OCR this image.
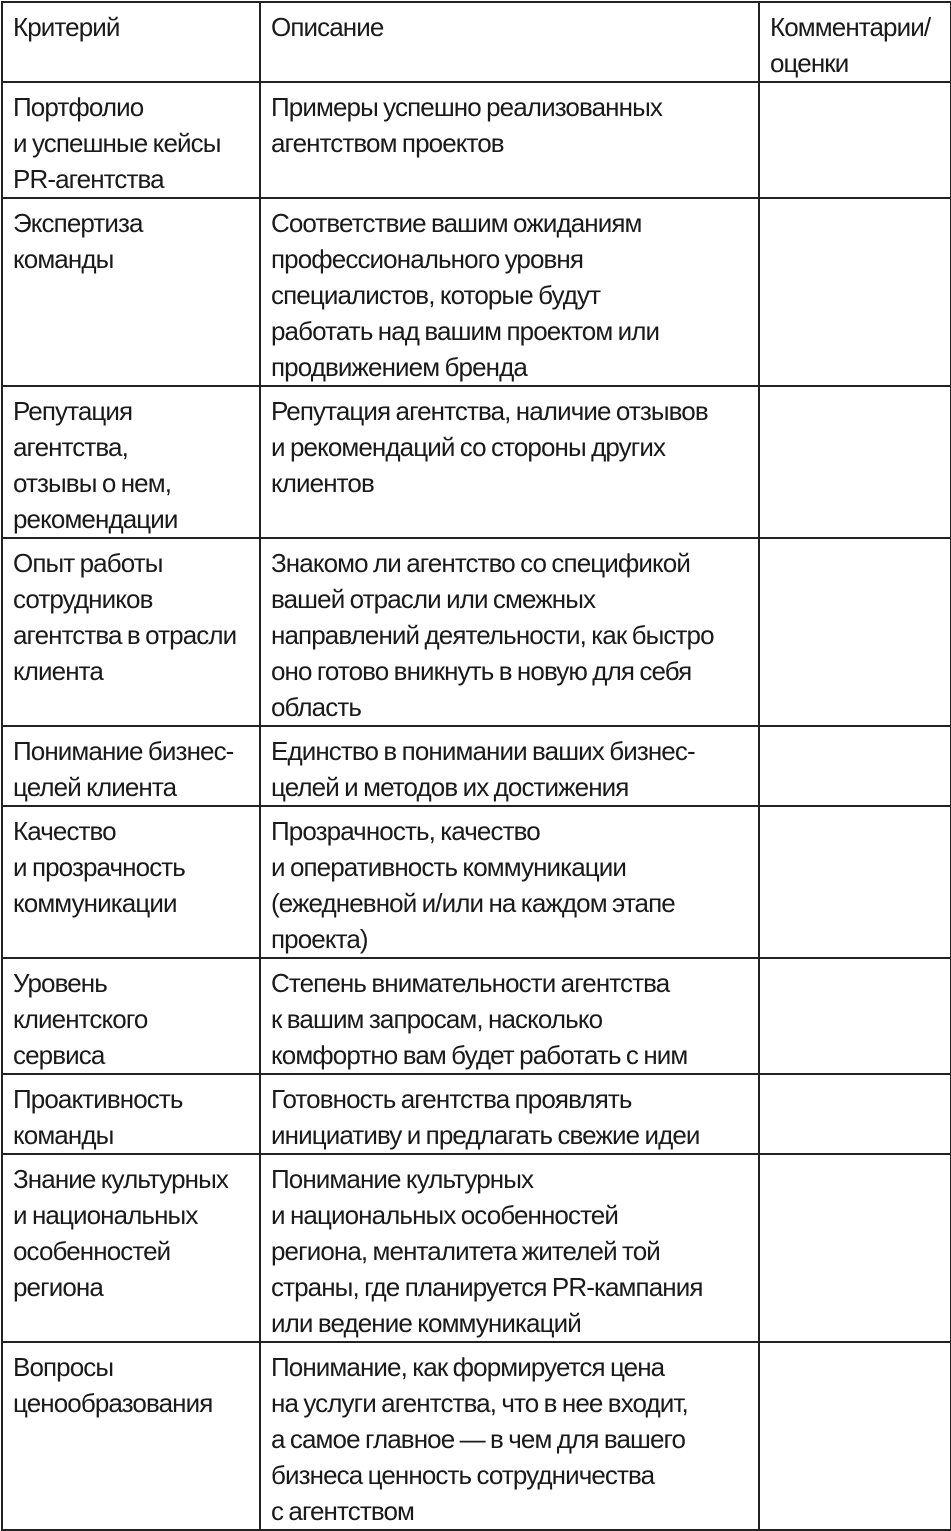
Критерий	Описание	Комментарии/
оценки

Портфолио
и успешные кейсы
PR-агентства	Примеры успешно реализованных
агентством проектов	

Экспертиза
команды	Соответствие вашим ожиданиям
профессионального уровня
специалистов, которые будут
работать над вашим проектом или
продвижением бренда	

Репутация
агентства,
отзывы о нем,
рекомендации	Репутация агентства, наличие отзывов
и рекомендаций со стороны других
клиентов	

Опыт работы
сотрудников
агентства в отрасли
клиента	Знакомо ли агентство со спецификой
вашей отрасли или смежных
направлений деятельности, как быстро
оно готово вникнуть в новую для себя
область	

Понимание бизнес-
целей клиента	Единство в понимании ваших бизнес-
целей и методов их достижения	

Качество
и прозрачность
коммуникации	Прозрачность, качество
и оперативность коммуникации
(ежедневной и/или на каждом этапе
проекта)	

Уровень
клиентского
сервиса	Степень внимательности агентства
к вашим запросам, насколько
комфортно вам будет работать с ним	

Проактивность
команды	Готовность агентства проявлять
инициативу и предлагать свежие идеи	

Знание культурных
и национальных
особенностей
региона	Понимание культурных
и национальных особенностей
региона, менталитета жителей той
страны, где планируется PR-кампания
или ведение коммуникаций	

Вопросы
ценообразования	Понимание, как формируется цена
на услуги агентства, что в нее входит,
а самое главное — в чем для вашего
бизнеса ценность сотрудничества
с агентством	
